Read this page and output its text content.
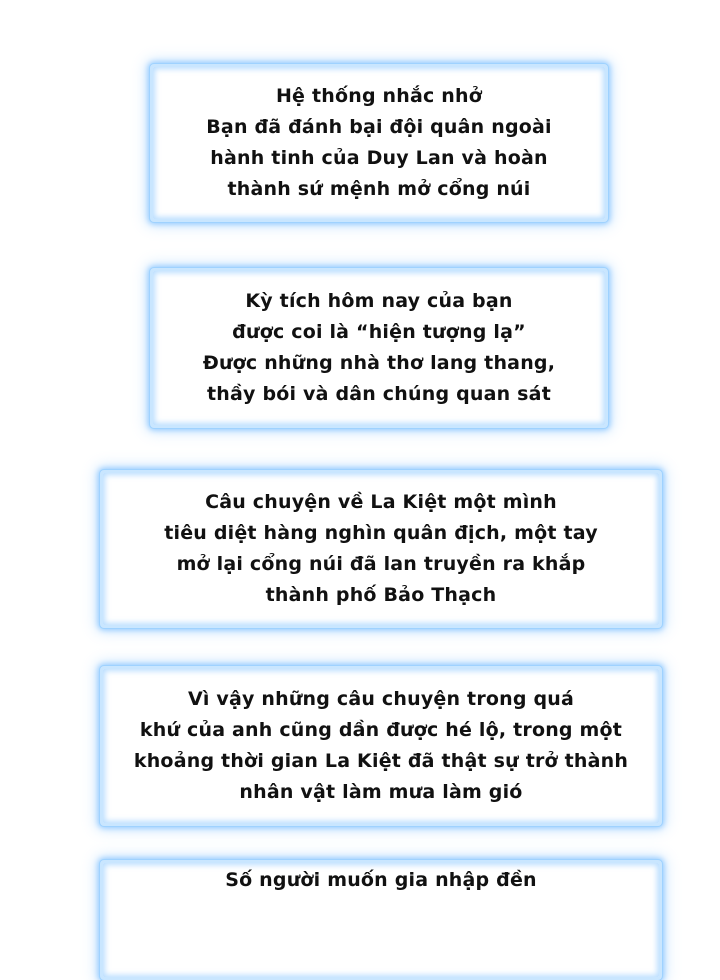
Hệ thống nhắc nhở
Bạn đã đánh bại đội quân ngoài
hành tinh của Duy Lan và hoàn
thành sứ mệnh mở cổng núi
Kỳ tích hôm nay của bạn
được coi là “hiện tượng lạ”
Được những nhà thơ lang thang,
thầy bói và dân chúng quan sát
Câu chuyện về La Kiệt một mình
tiêu diệt hàng nghìn quân địch, một tay
mở lại cổng núi đã lan truyền ra khắp
thành phố Bảo Thạch
Vì vậy những câu chuyện trong quá
khứ của anh cũng dần được hé lộ, trong một
khoảng thời gian La Kiệt đã thật sự trở thành
nhân vật làm mưa làm gió
Số người muốn gia nhập đền
